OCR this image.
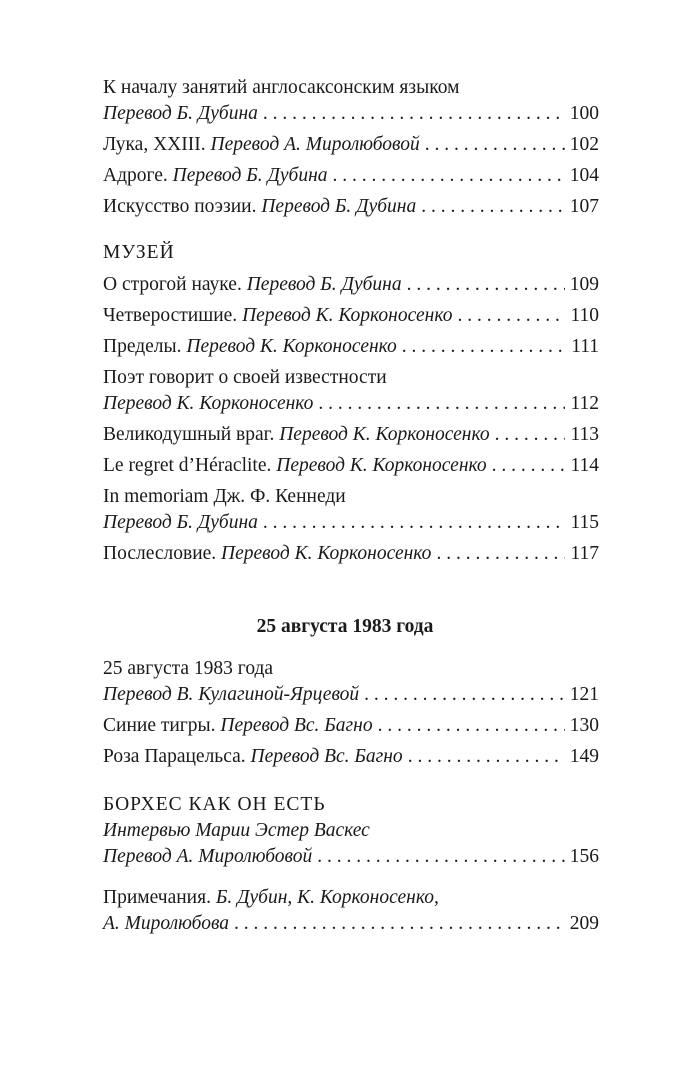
К началу занятий англосаксонским языком
Перевод Б. Дубина . . .	100
Лука, XXIII. Перевод А. Миролюбовой . . .	102
Адроге. Перевод Б. Дубина . . .	104
Искусство поэзии. Перевод Б. Дубина . . .	107
МУЗЕЙ
О строгой науке. Перевод Б. Дубина . . .	109
Четверостишие. Перевод К. Корконосенко . . .	110
Пределы. Перевод К. Корконосенко . . .	111
Поэт говорит о своей известности
Перевод К. Корконосенко . . .	112
Великодушный враг. Перевод К. Корконосенко . . .	113
Le regret d’Héraclite. Перевод К. Корконосенко . . .	114
In memoriam Дж. Ф. Кеннеди
Перевод Б. Дубина . . .	115
Послесловие. Перевод К. Корконосенко . . .	117
25 августа 1983 года
25 августа 1983 года
Перевод В. Кулагиной-Ярцевой . . .	121
Синие тигры. Перевод Вс. Багно . . .	130
Роза Парацельса. Перевод Вс. Багно . . .	149
БОРХЕС КАК ОН ЕСТЬ
Интервью Марии Эстер Васкес
Перевод А. Миролюбовой . . .	156
Примечания. Б. Дубин, К. Корконосенко,
А. Миролюбова . . .	209
